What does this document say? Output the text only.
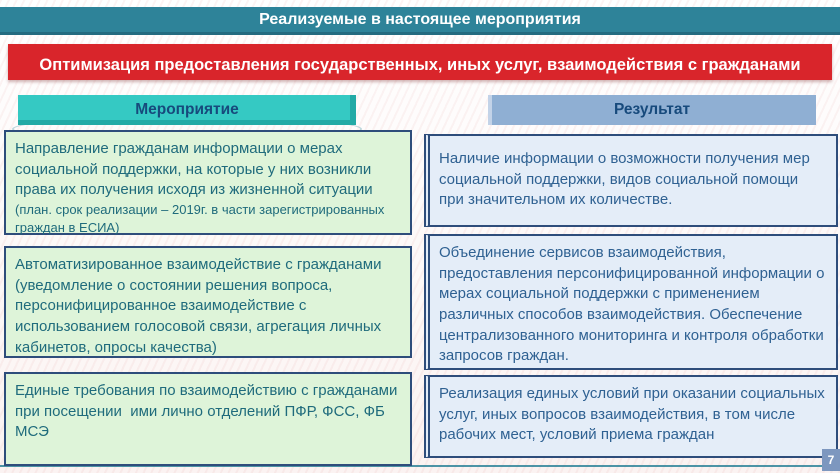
Реализуемые в настоящее мероприятия
Оптимизация предоставления государственных, иных услуг, взаимодействия с гражданами
Мероприятие	Результат
Направление гражданам информации о мерах социальной поддержки, на которые у них возникли права их получения исходя из жизненной ситуации
(план. срок реализации – 2019г. в части зарегистрированных граждан в ЕСИА)
Автоматизированное взаимодействие с гражданами (уведомление о состоянии решения вопроса, персонифицированное взаимодействие с использованием голосовой связи, агрегация личных кабинетов, опросы качества)
Единые требования по взаимодействию с гражданами при посещении  ими лично отделений ПФР, ФСС, ФБ МСЭ
Наличие информации о возможности получения мер социальной поддержки, видов социальной помощи при значительном их количестве.
Объединение сервисов взаимодействия, предоставления персонифицированной информации о мерах социальной поддержки с применением различных способов взаимодействия. Обеспечение централизованного мониторинга и контроля обработки запросов граждан.
Реализация единых условий при оказании социальных услуг, иных вопросов взаимодействия, в том числе рабочих мест, условий приема граждан
7
